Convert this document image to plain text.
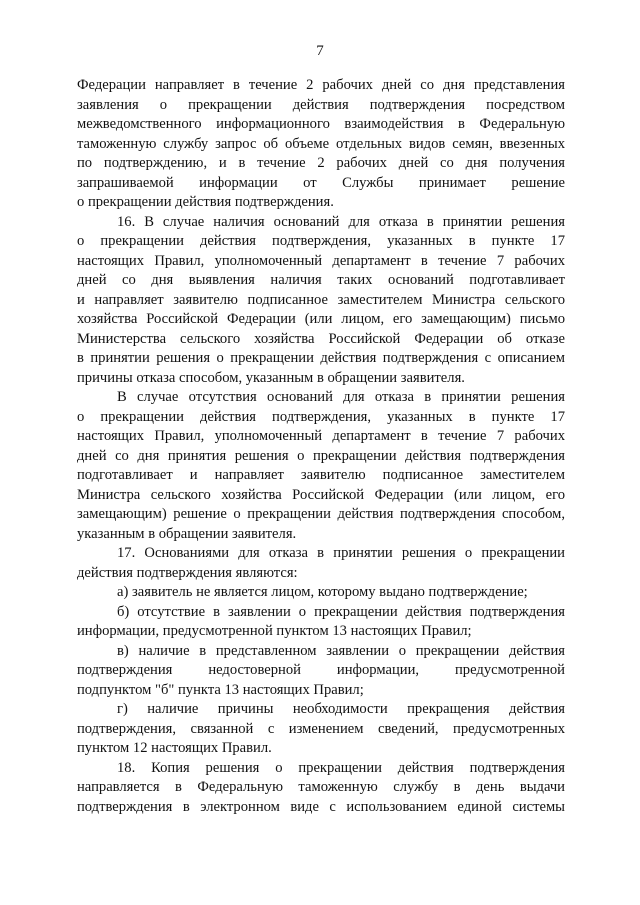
7
Федерации направляет в течение 2 рабочих дней со дня представления
заявления о прекращении действия подтверждения посредством
межведомственного информационного взаимодействия в Федеральную
таможенную службу запрос об объеме отдельных видов семян, ввезенных
по подтверждению, и в течение 2 рабочих дней со дня получения
запрашиваемой информации от Службы принимает решение
о прекращении действия подтверждения.
16. В случае наличия оснований для отказа в принятии решения
о прекращении действия подтверждения, указанных в пункте 17
настоящих Правил, уполномоченный департамент в течение 7 рабочих
дней со дня выявления наличия таких оснований подготавливает
и направляет заявителю подписанное заместителем Министра сельского
хозяйства Российской Федерации (или лицом, его замещающим) письмо
Министерства сельского хозяйства Российской Федерации об отказе
в принятии решения о прекращении действия подтверждения с описанием
причины отказа способом, указанным в обращении заявителя.
В случае отсутствия оснований для отказа в принятии решения
о прекращении действия подтверждения, указанных в пункте 17
настоящих Правил, уполномоченный департамент в течение 7 рабочих
дней со дня принятия решения о прекращении действия подтверждения
подготавливает и направляет заявителю подписанное заместителем
Министра сельского хозяйства Российской Федерации (или лицом, его
замещающим) решение о прекращении действия подтверждения способом,
указанным в обращении заявителя.
17. Основаниями для отказа в принятии решения о прекращении
действия подтверждения являются:
а) заявитель не является лицом, которому выдано подтверждение;
б) отсутствие в заявлении о прекращении действия подтверждения
информации, предусмотренной пунктом 13 настоящих Правил;
в) наличие в представленном заявлении о прекращении действия
подтверждения недостоверной информации, предусмотренной
подпунктом "б" пункта 13 настоящих Правил;
г) наличие причины необходимости прекращения действия
подтверждения, связанной с изменением сведений, предусмотренных
пунктом 12 настоящих Правил.
18. Копия решения о прекращении действия подтверждения
направляется в Федеральную таможенную службу в день выдачи
подтверждения в электронном виде с использованием единой системы
